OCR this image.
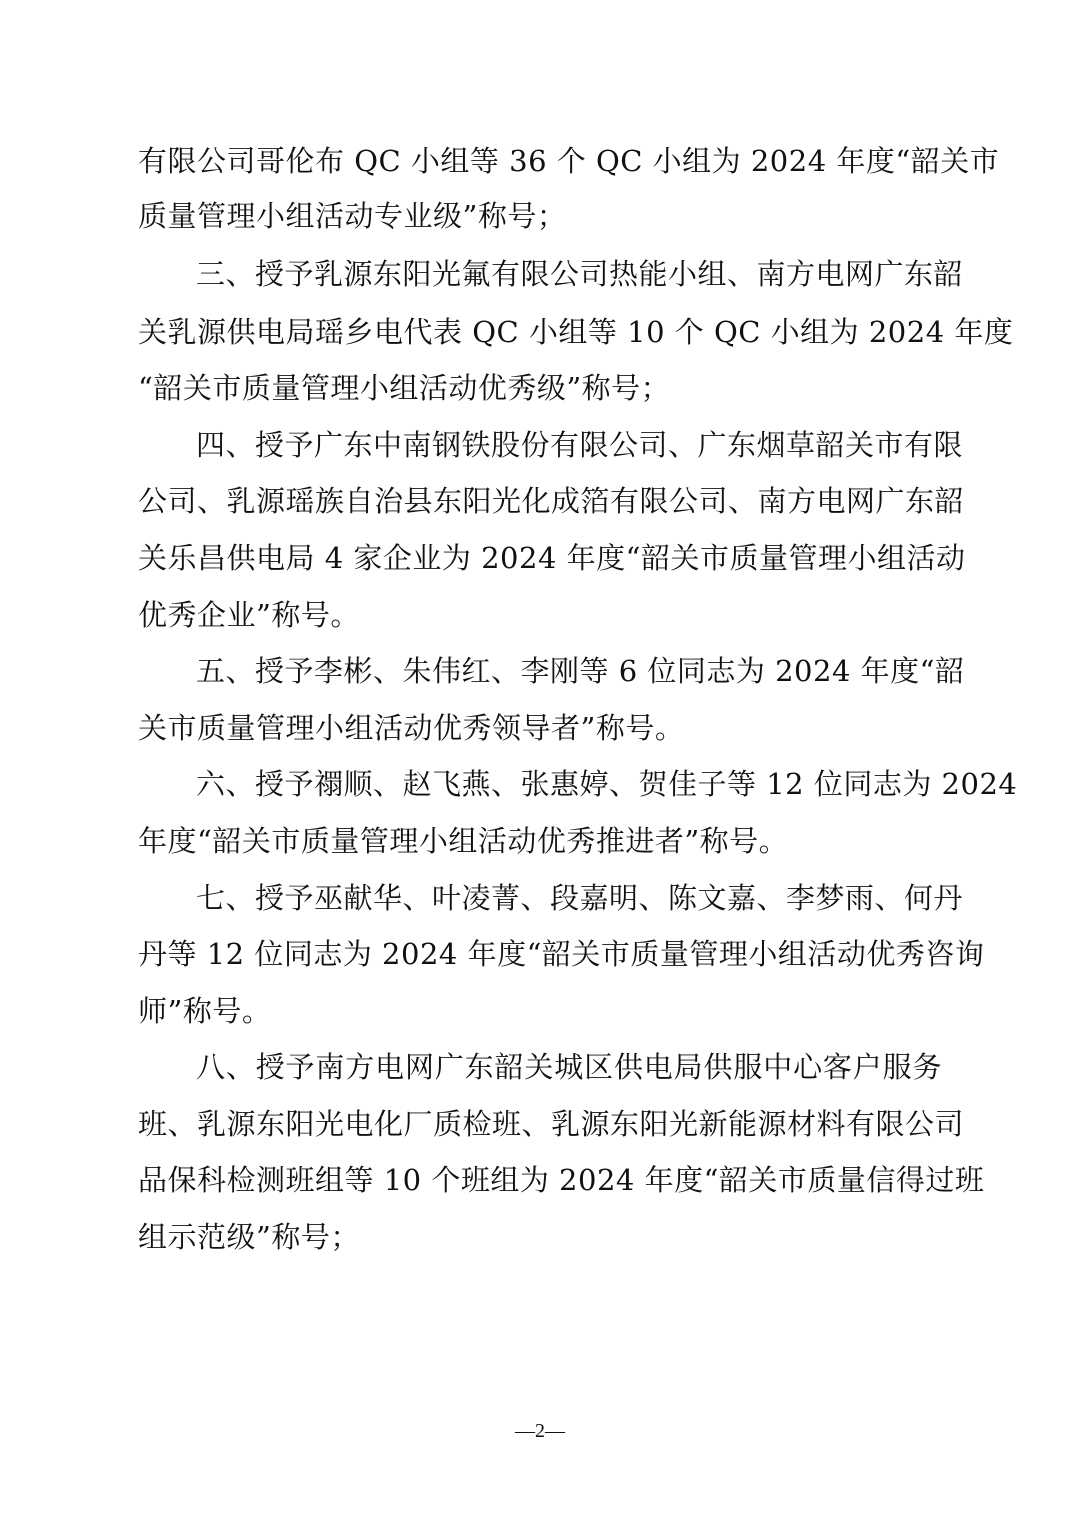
有限公司哥伦布 QC 小组等 36 个 QC 小组为 2024 年度“韶关市
质量管理小组活动专业级”称号；
三、授予乳源东阳光氟有限公司热能小组、南方电网广东韶
关乳源供电局瑶乡电代表 QC 小组等 10 个 QC 小组为 2024 年度
“韶关市质量管理小组活动优秀级”称号；
四、授予广东中南钢铁股份有限公司、广东烟草韶关市有限
公司、乳源瑶族自治县东阳光化成箔有限公司、南方电网广东韶
关乐昌供电局 4 家企业为 2024 年度“韶关市质量管理小组活动
优秀企业”称号。
五、授予李彬、朱伟红、李刚等 6 位同志为 2024 年度“韶
关市质量管理小组活动优秀领导者”称号。
六、授予禤顺、赵飞燕、张惠婷、贺佳子等 12 位同志为 2024
年度“韶关市质量管理小组活动优秀推进者”称号。
七、授予巫献华、叶凌菁、段嘉明、陈文嘉、李梦雨、何丹
丹等 12 位同志为 2024 年度“韶关市质量管理小组活动优秀咨询
师”称号。
八、授予南方电网广东韶关城区供电局供服中心客户服务
班、乳源东阳光电化厂质检班、乳源东阳光新能源材料有限公司
品保科检测班组等 10 个班组为 2024 年度“韶关市质量信得过班
组示范级”称号；
—2—
